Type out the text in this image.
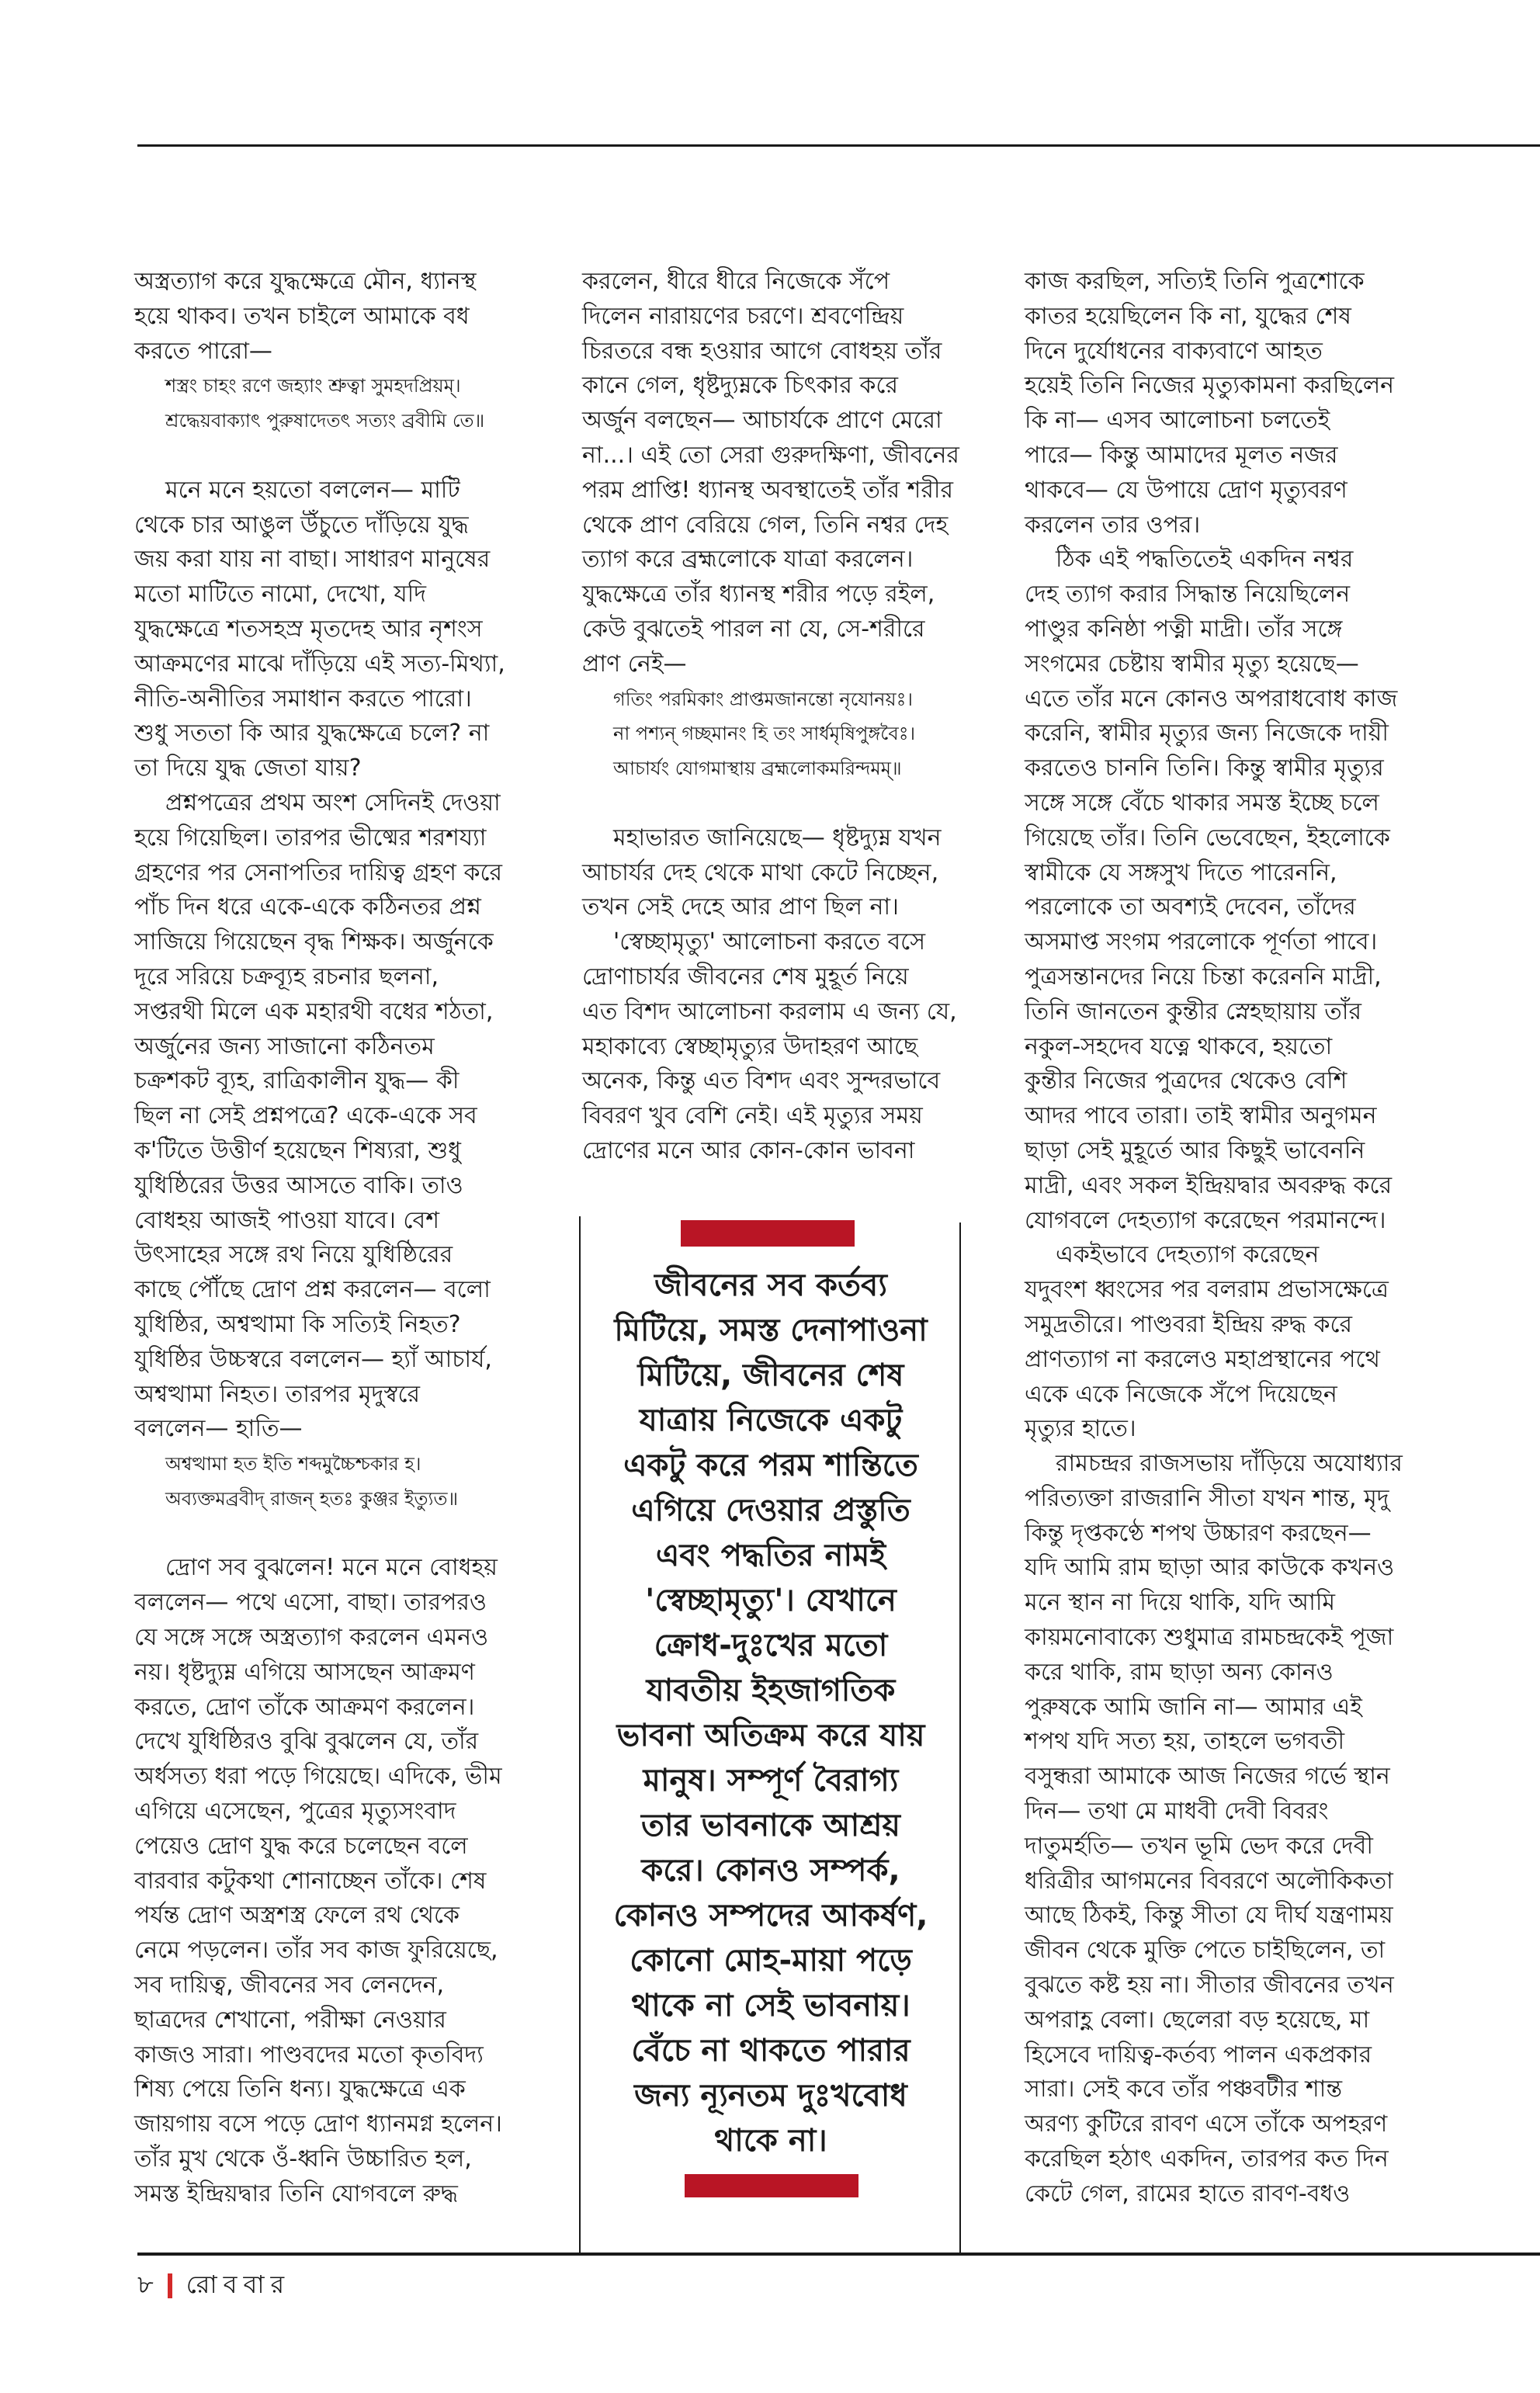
অস্ত্রত্যাগ করে যুদ্ধক্ষেত্রে মৌন, ধ্যানস্থ
হয়ে থাকব। তখন চাইলে আমাকে বধ
করতে পারো—
শস্ত্রং চাহং রণে জহ্যাং শ্রুত্বা সুমহদপ্রিয়ম্।
শ্রদ্ধেয়বাক্যাৎ পুরুষাদেতৎ সত্যং ব্রবীমি তে॥
মনে মনে হয়তো বললেন— মাটি
থেকে চার আঙুল উঁচুতে দাঁড়িয়ে যুদ্ধ
জয় করা যায় না বাছা। সাধারণ মানুষের
মতো মাটিতে নামো, দেখো, যদি
যুদ্ধক্ষেত্রে শতসহস্র মৃতদেহ আর নৃশংস
আক্রমণের মাঝে দাঁড়িয়ে এই সত্য-মিথ্যা,
নীতি-অনীতির সমাধান করতে পারো।
শুধু সততা কি আর যুদ্ধক্ষেত্রে চলে? না
তা দিয়ে যুদ্ধ জেতা যায়?
প্রশ্নপত্রের প্রথম অংশ সেদিনই দেওয়া
হয়ে গিয়েছিল। তারপর ভীষ্মের শরশয্যা
গ্রহণের পর সেনাপতির দায়িত্ব গ্রহণ করে
পাঁচ দিন ধরে একে-একে কঠিনতর প্রশ্ন
সাজিয়ে গিয়েছেন বৃদ্ধ শিক্ষক। অর্জুনকে
দূরে সরিয়ে চক্রব্যূহ রচনার ছলনা,
সপ্তরথী মিলে এক মহারথী বধের শঠতা,
অর্জুনের জন্য সাজানো কঠিনতম
চক্রশকট ব্যূহ, রাত্রিকালীন যুদ্ধ— কী
ছিল না সেই প্রশ্নপত্রে? একে-একে সব
ক'টিতে উত্তীর্ণ হয়েছেন শিষ্যরা, শুধু
যুধিষ্ঠিরের উত্তর আসতে বাকি। তাও
বোধহয় আজই পাওয়া যাবে। বেশ
উৎসাহের সঙ্গে রথ নিয়ে যুধিষ্ঠিরের
কাছে পৌঁছে দ্রোণ প্রশ্ন করলেন— বলো
যুধিষ্ঠির, অশ্বত্থামা কি সত্যিই নিহত?
যুধিষ্ঠির উচ্চস্বরে বললেন— হ্যাঁ আচার্য,
অশ্বত্থামা নিহত। তারপর মৃদুস্বরে
বললেন— হাতি—
অশ্বত্থামা হত ইতি শব্দমুচ্চৈশ্চকার হ।
অব্যক্তমব্রবীদ্ রাজন্ হতঃ কুঞ্জর ইত্যুত॥
দ্রোণ সব বুঝলেন! মনে মনে বোধহয়
বললেন— পথে এসো, বাছা। তারপরও
যে সঙ্গে সঙ্গে অস্ত্রত্যাগ করলেন এমনও
নয়। ধৃষ্টদ্যুম্ন এগিয়ে আসছেন আক্রমণ
করতে, দ্রোণ তাঁকে আক্রমণ করলেন।
দেখে যুধিষ্ঠিরও বুঝি বুঝলেন যে, তাঁর
অর্ধসত্য ধরা পড়ে গিয়েছে। এদিকে, ভীম
এগিয়ে এসেছেন, পুত্রের মৃত্যুসংবাদ
পেয়েও দ্রোণ যুদ্ধ করে চলেছেন বলে
বারবার কটুকথা শোনাচ্ছেন তাঁকে। শেষ
পর্যন্ত দ্রোণ অস্ত্রশস্ত্র ফেলে রথ থেকে
নেমে পড়লেন। তাঁর সব কাজ ফুরিয়েছে,
সব দায়িত্ব, জীবনের সব লেনদেন,
ছাত্রদের শেখানো, পরীক্ষা নেওয়ার
কাজও সারা। পাণ্ডবদের মতো কৃতবিদ্য
শিষ্য পেয়ে তিনি ধন্য। যুদ্ধক্ষেত্রে এক
জায়গায় বসে পড়ে দ্রোণ ধ্যানমগ্ন হলেন।
তাঁর মুখ থেকে ওঁ-ধ্বনি উচ্চারিত হল,
সমস্ত ইন্দ্রিয়দ্বার তিনি যোগবলে রুদ্ধ
করলেন, ধীরে ধীরে নিজেকে সঁপে
দিলেন নারায়ণের চরণে। শ্রবণেন্দ্রিয়
চিরতরে বন্ধ হওয়ার আগে বোধহয় তাঁর
কানে গেল, ধৃষ্টদ্যুম্নকে চিৎকার করে
অর্জুন বলছেন— আচার্যকে প্রাণে মেরো
না...। এই তো সেরা গুরুদক্ষিণা, জীবনের
পরম প্রাপ্তি! ধ্যানস্থ অবস্থাতেই তাঁর শরীর
থেকে প্রাণ বেরিয়ে গেল, তিনি নশ্বর দেহ
ত্যাগ করে ব্রহ্মলোকে যাত্রা করলেন।
যুদ্ধক্ষেত্রে তাঁর ধ্যানস্থ শরীর পড়ে রইল,
কেউ বুঝতেই পারল না যে, সে-শরীরে
প্রাণ নেই—
গতিং পরমিকাং প্রাপ্তমজানন্তো নৃযোনয়ঃ।
না পশ্যন্ গচ্ছমানং হি তং সার্ধমৃষিপুঙ্গবৈঃ।
আচার্যং যোগমাস্থায় ব্রহ্মলোকমরিন্দমম্॥
মহাভারত জানিয়েছে— ধৃষ্টদ্যুম্ন যখন
আচার্যর দেহ থেকে মাথা কেটে নিচ্ছেন,
তখন সেই দেহে আর প্রাণ ছিল না।
'স্বেচ্ছামৃত্যু' আলোচনা করতে বসে
দ্রোণাচার্যর জীবনের শেষ মুহূর্ত নিয়ে
এত বিশদ আলোচনা করলাম এ জন্য যে,
মহাকাব্যে স্বেচ্ছামৃত্যুর উদাহরণ আছে
অনেক, কিন্তু এত বিশদ এবং সুন্দরভাবে
বিবরণ খুব বেশি নেই। এই মৃত্যুর সময়
দ্রোণের মনে আর কোন-কোন ভাবনা
কাজ করছিল, সত্যিই তিনি পুত্রশোকে
কাতর হয়েছিলেন কি না, যুদ্ধের শেষ
দিনে দুর্যোধনের বাক্যবাণে আহত
হয়েই তিনি নিজের মৃত্যুকামনা করছিলেন
কি না— এসব আলোচনা চলতেই
পারে— কিন্তু আমাদের মূলত নজর
থাকবে— যে উপায়ে দ্রোণ মৃত্যুবরণ
করলেন তার ওপর।
ঠিক এই পদ্ধতিতেই একদিন নশ্বর
দেহ ত্যাগ করার সিদ্ধান্ত নিয়েছিলেন
পাণ্ডুর কনিষ্ঠা পত্নী মাদ্রী। তাঁর সঙ্গে
সংগমের চেষ্টায় স্বামীর মৃত্যু হয়েছে—
এতে তাঁর মনে কোনও অপরাধবোধ কাজ
করেনি, স্বামীর মৃত্যুর জন্য নিজেকে দায়ী
করতেও চাননি তিনি। কিন্তু স্বামীর মৃত্যুর
সঙ্গে সঙ্গে বেঁচে থাকার সমস্ত ইচ্ছে চলে
গিয়েছে তাঁর। তিনি ভেবেছেন, ইহলোকে
স্বামীকে যে সঙ্গসুখ দিতে পারেননি,
পরলোকে তা অবশ্যই দেবেন, তাঁদের
অসমাপ্ত সংগম পরলোকে পূর্ণতা পাবে।
পুত্রসন্তানদের নিয়ে চিন্তা করেননি মাদ্রী,
তিনি জানতেন কুন্তীর স্নেহছায়ায় তাঁর
নকুল-সহদেব যত্নে থাকবে, হয়তো
কুন্তীর নিজের পুত্রদের থেকেও বেশি
আদর পাবে তারা। তাই স্বামীর অনুগমন
ছাড়া সেই মুহূর্তে আর কিছুই ভাবেননি
মাদ্রী, এবং সকল ইন্দ্রিয়দ্বার অবরুদ্ধ করে
যোগবলে দেহত্যাগ করেছেন পরমানন্দে।
একইভাবে দেহত্যাগ করেছেন
যদুবংশ ধ্বংসের পর বলরাম প্রভাসক্ষেত্রে
সমুদ্রতীরে। পাণ্ডবরা ইন্দ্রিয় রুদ্ধ করে
প্রাণত্যাগ না করলেও মহাপ্রস্থানের পথে
একে একে নিজেকে সঁপে দিয়েছেন
মৃত্যুর হাতে।
রামচন্দ্রর রাজসভায় দাঁড়িয়ে অযোধ্যার
পরিত্যক্তা রাজরানি সীতা যখন শান্ত, মৃদু
কিন্তু দৃপ্তকণ্ঠে শপথ উচ্চারণ করছেন—
যদি আমি রাম ছাড়া আর কাউকে কখনও
মনে স্থান না দিয়ে থাকি, যদি আমি
কায়মনোবাক্যে শুধুমাত্র রামচন্দ্রকেই পূজা
করে থাকি, রাম ছাড়া অন্য কোনও
পুরুষকে আমি জানি না— আমার এই
শপথ যদি সত্য হয়, তাহলে ভগবতী
বসুন্ধরা আমাকে আজ নিজের গর্ভে স্থান
দিন— তথা মে মাধবী দেবী বিবরং
দাতুমর্হতি— তখন ভূমি ভেদ করে দেবী
ধরিত্রীর আগমনের বিবরণে অলৌকিকতা
আছে ঠিকই, কিন্তু সীতা যে দীর্ঘ যন্ত্রণাময়
জীবন থেকে মুক্তি পেতে চাইছিলেন, তা
বুঝতে কষ্ট হয় না। সীতার জীবনের তখন
অপরাহ্ণ বেলা। ছেলেরা বড় হয়েছে, মা
হিসেবে দায়িত্ব-কর্তব্য পালন একপ্রকার
সারা। সেই কবে তাঁর পঞ্চবটীর শান্ত
অরণ্য কুটিরে রাবণ এসে তাঁকে অপহরণ
করেছিল হঠাৎ একদিন, তারপর কত দিন
কেটে গেল, রামের হাতে রাবণ-বধও
জীবনের সব কর্তব্য
মিটিয়ে, সমস্ত দেনাপাওনা
মিটিয়ে, জীবনের শেষ
যাত্রায় নিজেকে একটু
একটু করে পরম শান্তিতে
এগিয়ে দেওয়ার প্রস্তুতি
এবং পদ্ধতির নামই
'স্বেচ্ছামৃত্যু'। যেখানে
ক্রোধ-দুঃখের মতো
যাবতীয় ইহজাগতিক
ভাবনা অতিক্রম করে যায়
মানুষ। সম্পূর্ণ বৈরাগ্য
তার ভাবনাকে আশ্রয়
করে। কোনও সম্পর্ক,
কোনও সম্পদের আকর্ষণ,
কোনো মোহ-মায়া পড়ে
থাকে না সেই ভাবনায়।
বেঁচে না থাকতে পারার
জন্য ন্যূনতম দুঃখবোধ
থাকে না।
৮ রোববার
